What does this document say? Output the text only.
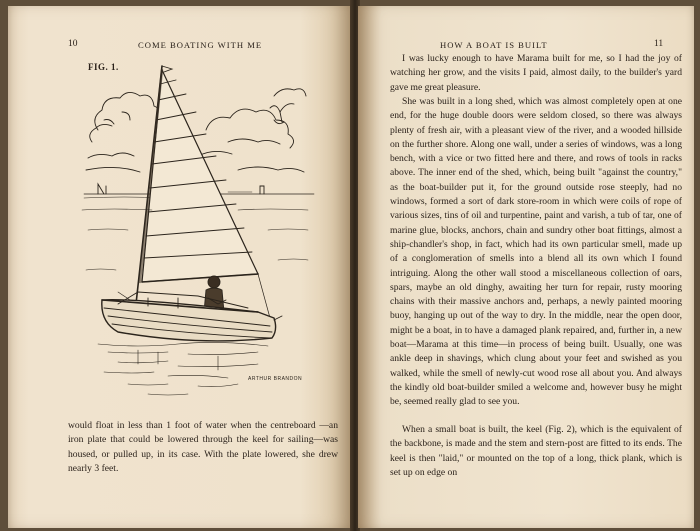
10	COME BOATING WITH ME
FIG. 1.
ARTHUR BRANDON

would float in less than 1 foot of water when the centreboard —an iron plate that could be lowered through the keel for sailing—was housed, or pulled up, in its case. With the plate lowered, she drew nearly 3 feet.

HOW A BOAT IS BUILT	11

I was lucky enough to have Marama built for me, so I had the joy of watching her grow, and the visits I paid, almost daily, to the builder's yard gave me great pleasure.

She was built in a long shed, which was almost completely open at one end, for the huge double doors were seldom closed, so there was always plenty of fresh air, with a pleasant view of the river, and a wooded hillside on the further shore. Along one wall, under a series of windows, was a long bench, with a vice or two fitted here and there, and rows of tools in racks above. The inner end of the shed, which, being built "against the country," as the boat-builder put it, for the ground outside rose steeply, had no windows, formed a sort of dark store-room in which were coils of rope of various sizes, tins of oil and turpentine, paint and varish, a tub of tar, one of marine glue, blocks, anchors, chain and sundry other boat fittings, almost a ship-chandler's shop, in fact, which had its own particular smell, made up of a conglomeration of smells into a blend all its own which I found intriguing. Along the other wall stood a miscellaneous collection of oars, spars, maybe an old dinghy, awaiting her turn for repair, rusty mooring chains with their massive anchors and, perhaps, a newly painted mooring buoy, hanging up out of the way to dry. In the middle, near the open door, might be a boat, in to have a damaged plank repaired, and, further in, a new boat—Marama at this time—in process of being built. Usually, one was ankle deep in shavings, which clung about your feet and swished as you walked, while the smell of newly-cut wood rose all about you. And always the kindly old boat-builder smiled a welcome and, however busy he might be, seemed really glad to see you.

When a small boat is built, the keel (Fig. 2), which is the equivalent of the backbone, is made and the stem and stern-post are fitted to its ends. The keel is then "laid," or mounted on the top of a long, thick plank, which is set up on edge on
